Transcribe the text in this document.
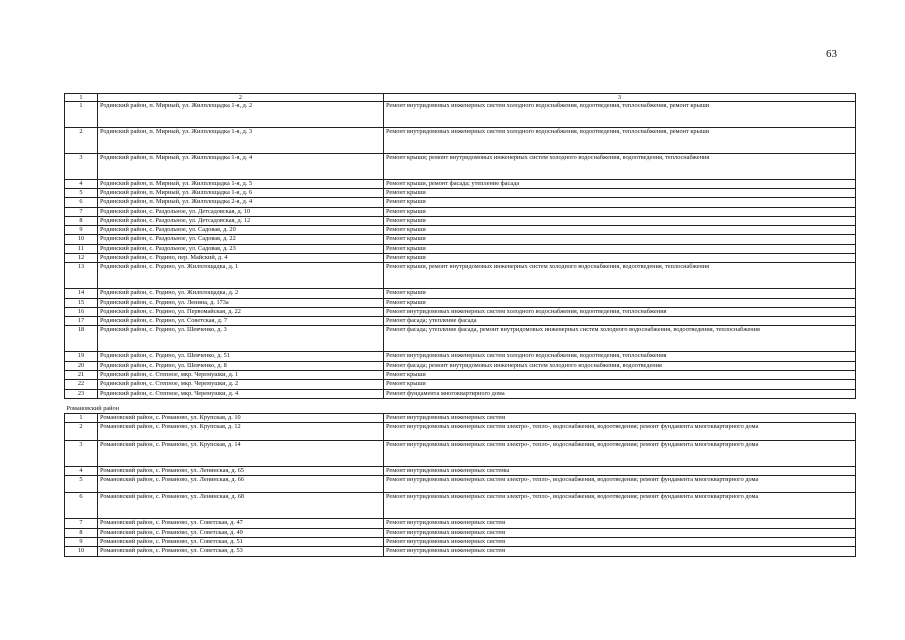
63
1	2	3
1	Родинский район, п. Мирный, ул. Жилплощадка 1-я, д. 2	Ремонт внутридомовых инженерных систем холодного водоснабжения, водоотведения, теплоснабжения, ремонт крыши
2	Родинский район, п. Мирный, ул. Жилплощадка 1-я, д. 3	Ремонт внутридомовых инженерных систем холодного водоснабжения, водоотведения, теплоснабжения, ремонт крыши
3	Родинский район, п. Мирный, ул. Жилплощадка 1-я, д. 4	Ремонт крыши; ремонт внутридомовых инженерных систем холодного водоснабжения, водоотведения, теплоснабжения
4	Родинский район, п. Мирный, ул. Жилплощадка 1-я, д. 5	Ремонт крыши, ремонт фасада; утепление фасада
5	Родинский район, п. Мирный, ул. Жилплощадка 1-я, д. 6	Ремонт крыши
6	Родинский район, п. Мирный, ул. Жилплощадка 2-я, д. 4	Ремонт крыши
7	Родинский район, с. Раздольное, ул. Детсадовская, д. 10	Ремонт крыши
8	Родинский район, с. Раздольное, ул. Детсадовская, д. 12	Ремонт крыши
9	Родинский район, с. Раздольное, ул. Садовая, д. 20	Ремонт крыши
10	Родинский район, с. Раздольное, ул. Садовая, д. 22	Ремонт крыши
11	Родинский район, с. Раздольное, ул. Садовая, д. 23	Ремонт крыши
12	Родинский район, с. Родино, пер. Майский, д. 4	Ремонт крыши
13	Родинский район, с. Родино, ул. Жилплощадка, д. 1	Ремонт крыши, ремонт внутридомовых инженерных систем холодного водоснабжения, водоотведения, теплоснабжения
14	Родинский район, с. Родино, ул. Жилплощадка, д. 2	Ремонт крыши
15	Родинский район, с. Родино, ул. Ленина, д. 173а	Ремонт крыши
16	Родинский район, с. Родино, ул. Первомайская, д. 22	Ремонт внутридомовых инженерных систем холодного водоснабжения, водоотведения, теплоснабжения
17	Родинский район, с. Родино, ул. Советская, д. 7	Ремонт фасада; утепление фасада
18	Родинский район, с. Родино, ул. Шевченко, д. 3	Ремонт фасада; утепление фасада, ремонт внутридомовых инженерных систем холодного водоснабжения, водоотведения, теплоснабжения
19	Родинский район, с. Родино, ул. Шевченко, д. 51	Ремонт внутридомовых инженерных систем холодного водоснабжения, водоотведения, теплоснабжения
20	Родинский район, с. Родино, ул. Шевченко, д. 8	Ремонт фасада; ремонт внутридомовых инженерных систем холодного водоснабжения, водоотведения
21	Родинский район, с. Степное, мкр. Черемушки, д. 1	Ремонт крыши
22	Родинский район, с. Степное, мкр. Черемушки, д. 2	Ремонт крыши
23	Родинский район, с. Степное, мкр. Черемушки, д. 4	Ремонт фундамента многоквартирного дома
Романовский район		
1	Романовский район, с. Романово, ул. Крупская, д. 10	Ремонт внутридомовых инженерных систем
2	Романовский район, с. Романово, ул. Крупская, д. 12	Ремонт внутридомовых инженерных систем электро-, тепло-, водоснабжения, водоотведения; ремонт фундамента многоквартирного дома
3	Романовский район, с. Романово, ул. Крупская, д. 14	Ремонт внутридомовых инженерных систем электро-, тепло-, водоснабжения, водоотведения; ремонт фундамента многоквартирного дома
4	Романовский район, с. Романово, ул. Ленинская, д. 65	Ремонт внутридомовых инженерных системы
5	Романовский район, с. Романово, ул. Ленинская, д. 66	Ремонт внутридомовых инженерных систем электро-, тепло-, водоснабжения, водоотведения; ремонт фундамента многоквартирного дома
6	Романовский район, с. Романово, ул. Ленинская, д. 68	Ремонт внутридомовых инженерных систем электро-, тепло-, водоснабжения, водоотведения; ремонт фундамента многоквартирного дома
7	Романовский район, с. Романово, ул. Советская, д. 47	Ремонт внутридомовых инженерных систем
8	Романовский район, с. Романово, ул. Советская, д. 49	Ремонт внутридомовых инженерных систем
9	Романовский район, с. Романово, ул. Советская, д. 51	Ремонт внутридомовых инженерных систем
10	Романовский район, с. Романово, ул. Советская, д. 53	Ремонт внутридомовых инженерных систем
